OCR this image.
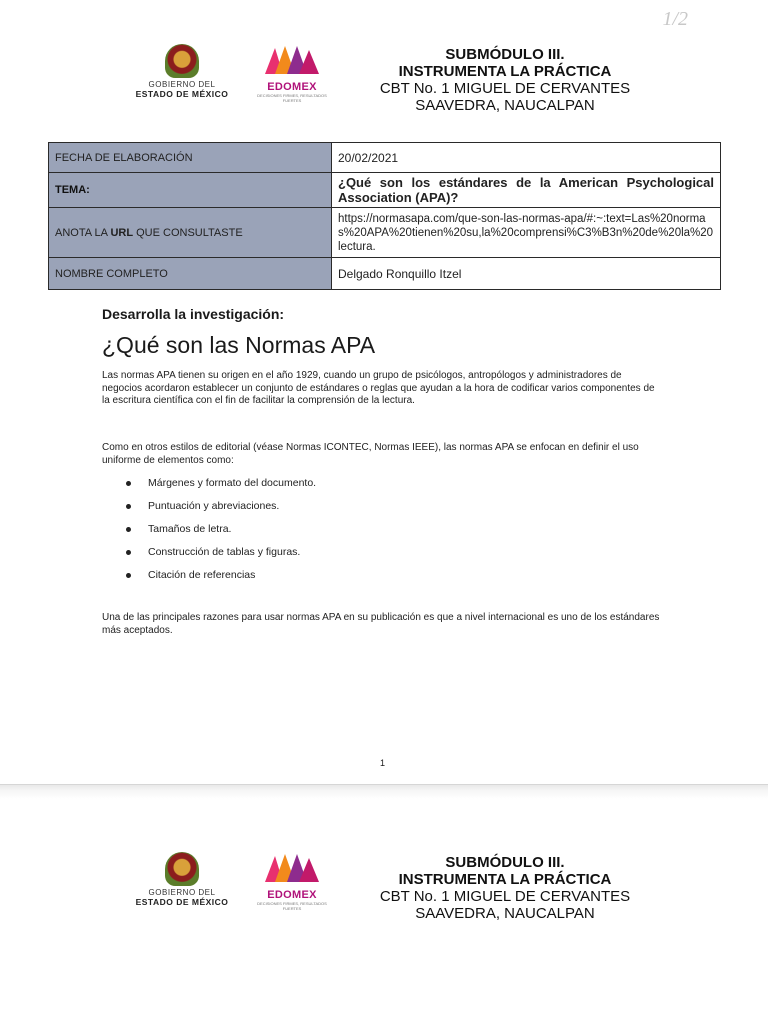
1/2
GOBIERNO DEL
ESTADO DE MÉXICO
EDOMEX
DECISIONES FIRMES, RESULTADOS FUERTES
SUBMÓDULO III.
INSTRUMENTA LA PRÁCTICA
CBT No. 1 MIGUEL DE CERVANTES
SAAVEDRA, NAUCALPAN
FECHA DE ELABORACIÓN	20/02/2021
TEMA:	¿Qué son los estándares de la American Psychological Association (APA)?
ANOTA LA URL QUE CONSULTASTE	https://normasapa.com/que-son-las-normas-apa/#:~:text=Las%20normas%20APA%20tienen%20su,la%20comprensi%C3%B3n%20de%20la%20lectura.
NOMBRE COMPLETO	Delgado Ronquillo Itzel
Desarrolla la investigación:
¿Qué son las Normas APA
Las normas APA tienen su origen en el año 1929, cuando un grupo de psicólogos, antropólogos y administradores de negocios acordaron establecer un conjunto de estándares o reglas que ayudan a la hora de codificar varios componentes de la escritura científica con el fin de facilitar la comprensión de la lectura.
Como en otros estilos de editorial (véase Normas ICONTEC, Normas IEEE), las normas APA se enfocan en definir el uso uniforme de elementos como:
Márgenes y formato del documento.
Puntuación y abreviaciones.
Tamaños de letra.
Construcción de tablas y figuras.
Citación de referencias
Una de las principales razones para usar normas APA en su publicación es que a nivel internacional es uno de los estándares más aceptados.
1
GOBIERNO DEL
ESTADO DE MÉXICO
EDOMEX
DECISIONES FIRMES, RESULTADOS FUERTES
SUBMÓDULO III.
INSTRUMENTA LA PRÁCTICA
CBT No. 1 MIGUEL DE CERVANTES
SAAVEDRA, NAUCALPAN
